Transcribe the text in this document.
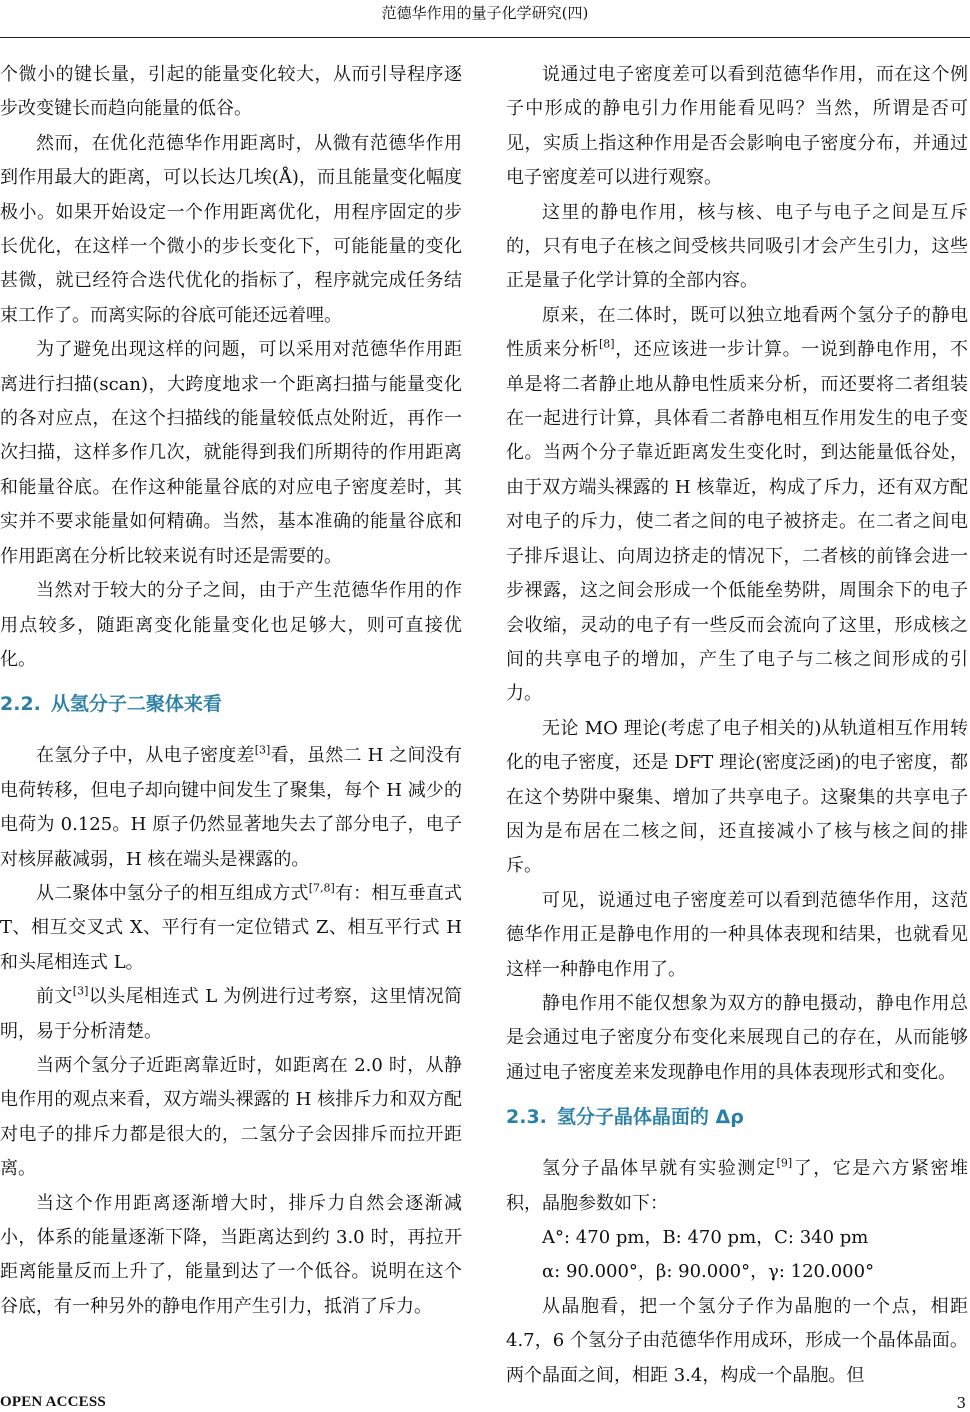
范德华作用的量子化学研究(四)

个微小的键长量，引起的能量变化较大，从而引导程序逐步改变键长而趋向能量的低谷。

然而，在优化范德华作用距离时，从微有范德华作用到作用最大的距离，可以长达几埃(Å)，而且能量变化幅度极小。如果开始设定一个作用距离优化，用程序固定的步长优化，在这样一个微小的步长变化下，可能能量的变化甚微，就已经符合迭代优化的指标了，程序就完成任务结束工作了。而离实际的谷底可能还远着哩。

为了避免出现这样的问题，可以采用对范德华作用距离进行扫描(scan)，大跨度地求一个距离扫描与能量变化的各对应点，在这个扫描线的能量较低点处附近，再作一次扫描，这样多作几次，就能得到我们所期待的作用距离和能量谷底。在作这种能量谷底的对应电子密度差时，其实并不要求能量如何精确。当然，基本准确的能量谷底和作用距离在分析比较来说有时还是需要的。

当然对于较大的分子之间，由于产生范德华作用的作用点较多，随距离变化能量变化也足够大，则可直接优化。

2.2. 从氢分子二聚体来看

在氢分子中，从电子密度差[3]看，虽然二 H 之间没有电荷转移，但电子却向键中间发生了聚集，每个 H 减少的电荷为 0.125。H 原子仍然显著地失去了部分电子，电子对核屏蔽减弱，H 核在端头是裸露的。

从二聚体中氢分子的相互组成方式[7,8]有：相互垂直式 T、相互交叉式 X、平行有一定位错式 Z、相互平行式 H 和头尾相连式 L。

前文[3]以头尾相连式 L 为例进行过考察，这里情况简明，易于分析清楚。

当两个氢分子近距离靠近时，如距离在 2.0 时，从静电作用的观点来看，双方端头裸露的 H 核排斥力和双方配对电子的排斥力都是很大的，二氢分子会因排斥而拉开距离。

当这个作用距离逐渐增大时，排斥力自然会逐渐减小，体系的能量逐渐下降，当距离达到约 3.0 时，再拉开距离能量反而上升了，能量到达了一个低谷。说明在这个谷底，有一种另外的静电作用产生引力，抵消了斥力。

说通过电子密度差可以看到范德华作用，而在这个例子中形成的静电引力作用能看见吗？当然，所谓是否可见，实质上指这种作用是否会影响电子密度分布，并通过电子密度差可以进行观察。

这里的静电作用，核与核、电子与电子之间是互斥的，只有电子在核之间受核共同吸引才会产生引力，这些正是量子化学计算的全部内容。

原来，在二体时，既可以独立地看两个氢分子的静电性质来分析[8]，还应该进一步计算。一说到静电作用，不单是将二者静止地从静电性质来分析，而还要将二者组装在一起进行计算，具体看二者静电相互作用发生的电子变化。当两个分子靠近距离发生变化时，到达能量低谷处，由于双方端头裸露的 H 核靠近，构成了斥力，还有双方配对电子的斥力，使二者之间的电子被挤走。在二者之间电子排斥退让、向周边挤走的情况下，二者核的前锋会进一步裸露，这之间会形成一个低能垒势阱，周围余下的电子会收缩，灵动的电子有一些反而会流向了这里，形成核之间的共享电子的增加，产生了电子与二核之间形成的引力。

无论 MO 理论(考虑了电子相关的)从轨道相互作用转化的电子密度，还是 DFT 理论(密度泛函)的电子密度，都在这个势阱中聚集、增加了共享电子。这聚集的共享电子因为是布居在二核之间，还直接减小了核与核之间的排斥。

可见，说通过电子密度差可以看到范德华作用，这范德华作用正是静电作用的一种具体表现和结果，也就看见这样一种静电作用了。

静电作用不能仅想象为双方的静电摄动，静电作用总是会通过电子密度分布变化来展现自己的存在，从而能够通过电子密度差来发现静电作用的具体表现形式和变化。

2.3. 氢分子晶体晶面的 Δρ

氢分子晶体早就有实验测定[9]了，它是六方紧密堆积，晶胞参数如下：

A°: 470 pm，B: 470 pm，C: 340 pm

α: 90.000°，β: 90.000°，γ: 120.000°

从晶胞看，把一个氢分子作为晶胞的一个点，相距 4.7，6 个氢分子由范德华作用成环，形成一个晶体晶面。两个晶面之间，相距 3.4，构成一个晶胞。但

OPEN ACCESS	3
